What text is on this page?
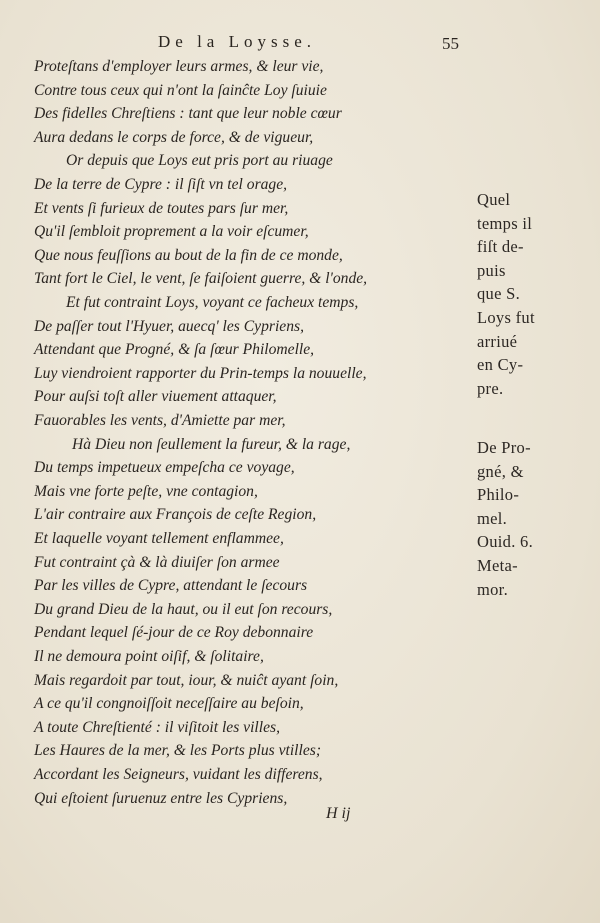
De la Loysse.	55
Proteſtans d'employer leurs armes, & leur vie,
Contre tous ceux qui n'ont la ſainĉte Loy ſuiuie
Des fidelles Chreſtiens : tant que leur noble cœur
Aura dedans le corps de force, & de vigueur,
Or depuis que Loys eut pris port au riuage
De la terre de Cypre : il ſiſt vn tel orage,
Et vents ſi furieux de toutes pars ſur mer,
Qu'il ſembloit proprement a la voir eſcumer,
Que nous feuſſions au bout de la fin de ce monde,
Tant fort le Ciel, le vent, ſe faiſoient guerre, & l'onde,
Et fut contraint Loys, voyant ce facheux temps,
De paſſer tout l'Hyuer, auecq' les Cypriens,
Attendant que Progné, & ſa ſœur Philomelle,
Luy viendroient rapporter du Prin-temps la nouuelle,
Pour auſsi toſt aller viuement attaquer,
Fauorables les vents, d'Amiette par mer,
Hà Dieu non ſeullement la fureur, & la rage,
Du temps impetueux empeſcha ce voyage,
Mais vne forte peſte, vne contagion,
L'air contraire aux François de ceſte Region,
Et laquelle voyant tellement enflammee,
Fut contraint çà & là diuiſer ſon armee
Par les villes de Cypre, attendant le ſecours
Du grand Dieu de la haut, ou il eut ſon recours,
Pendant lequel ſé-jour de ce Roy debonnaire
Il ne demoura point oiſif, & ſolitaire,
Mais regardoit par tout, iour, & nuiĉt ayant ſoin,
A ce qu'il congnoiſſoit neceſſaire au beſoin,
A toute Chreſtienté : il viſitoit les villes,
Les Haures de la mer, & les Ports plus vtilles;
Accordant les Seigneurs, vuidant les differens,
Qui eſtoient ſuruenuz entre les Cypriens,
Quel
temps il
fiſt de-
puis
que S.
Loys fut
arriué
en Cy-
pre.
De Pro-
gné, &
Philo-
mel.
Ouid. 6.
Meta-
mor.
H ij
